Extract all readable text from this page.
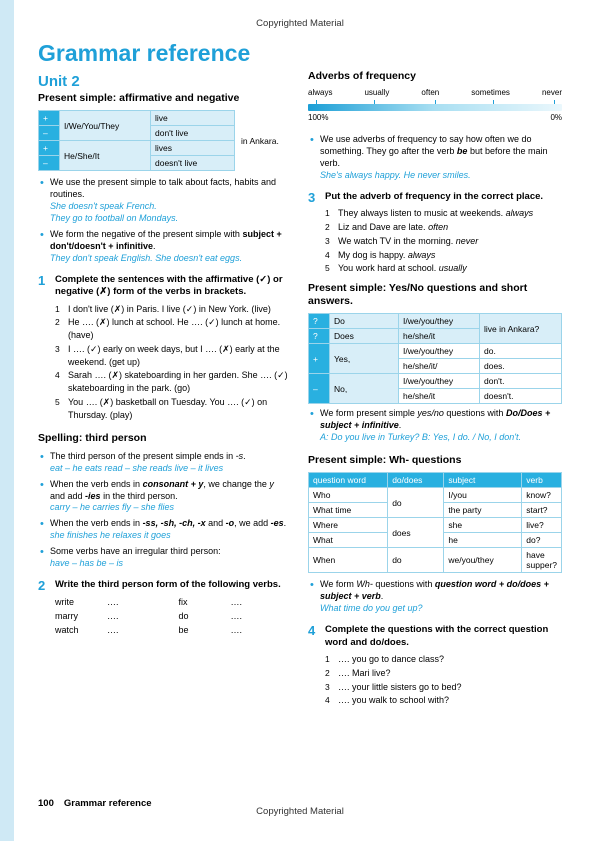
Copyrighted Material
Grammar reference
Unit 2
Present simple: affirmative and negative
+	I/We/You/They	live	in Ankara.
–		don't live	
+	He/She/It	lives	
–		doesn't live	
• We use the present simple to talk about facts, habits and routines.
She doesn't speak French.
They go to football on Mondays.
• We form the negative of the present simple with subject + don't/doesn't + infinitive.
They don't speak English. She doesn't eat eggs.
1 Complete the sentences with the affirmative (✓) or negative (✗) form of the verbs in brackets.
1 I don't live (✗) in Paris. I live (✓) in New York. (live)
2 He …. (✗) lunch at school. He …. (✓) lunch at home. (have)
3 I …. (✓) early on week days, but I …. (✗) early at the weekend. (get up)
4 Sarah …. (✗) skateboarding in her garden. She …. (✓) skateboarding in the park. (go)
5 You …. (✗) basketball on Tuesday. You …. (✓) on Thursday. (play)
Spelling: third person
• The third person of the present simple ends in -s.
eat – he eats read – she reads live – it lives
• When the verb ends in consonant + y, we change the y and add -ies in the third person.
carry – he carries fly – she flies
• When the verb ends in -ss, -sh, -ch, -x and -o, we add -es.
she finishes he relaxes it goes
• Some verbs have an irregular third person:
have – has be – is
2 Write the third person form of the following verbs.
write	….
marry	….
watch	….
fix	….
do	….
be	….
Adverbs of frequency
always	usually	often	sometimes	never
100%	0%
• We use adverbs of frequency to say how often we do something. They go after the verb be but before the main verb.
She's always happy. He never smiles.
3 Put the adverb of frequency in the correct place.
1 They always listen to music at weekends. always
2 Liz and Dave are late. often
3 We watch TV in the morning. never
4 My dog is happy. always
5 You work hard at school. usually
Present simple: Yes/No questions and short answers.
?	Do	I/we/you/they	live in Ankara?
?	Does	he/she/it	
+	Yes,	I/we/you/they	do.
		he/she/it/	does.
–	No,	I/we/you/they	don't.
		he/she/it	doesn't.
• We form present simple yes/no questions with Do/Does + subject + infinitive.
A: Do you live in Turkey? B: Yes, I do. / No, I don't.
Present simple: Wh- questions
question word	do/does	subject	verb
Who	do	I/you	know?
What time		the party	start?
Where	does	she	live?
What		he	do?
When	do	we/you/they	have supper?
• We form Wh- questions with question word + do/does + subject + verb.
What time do you get up?
4 Complete the questions with the correct question word and do/does.
1 …. you go to dance class?
2 …. Mari live?
3 …. your little sisters go to bed?
4 …. you walk to school with?
100 Grammar reference
Copyrighted Material
